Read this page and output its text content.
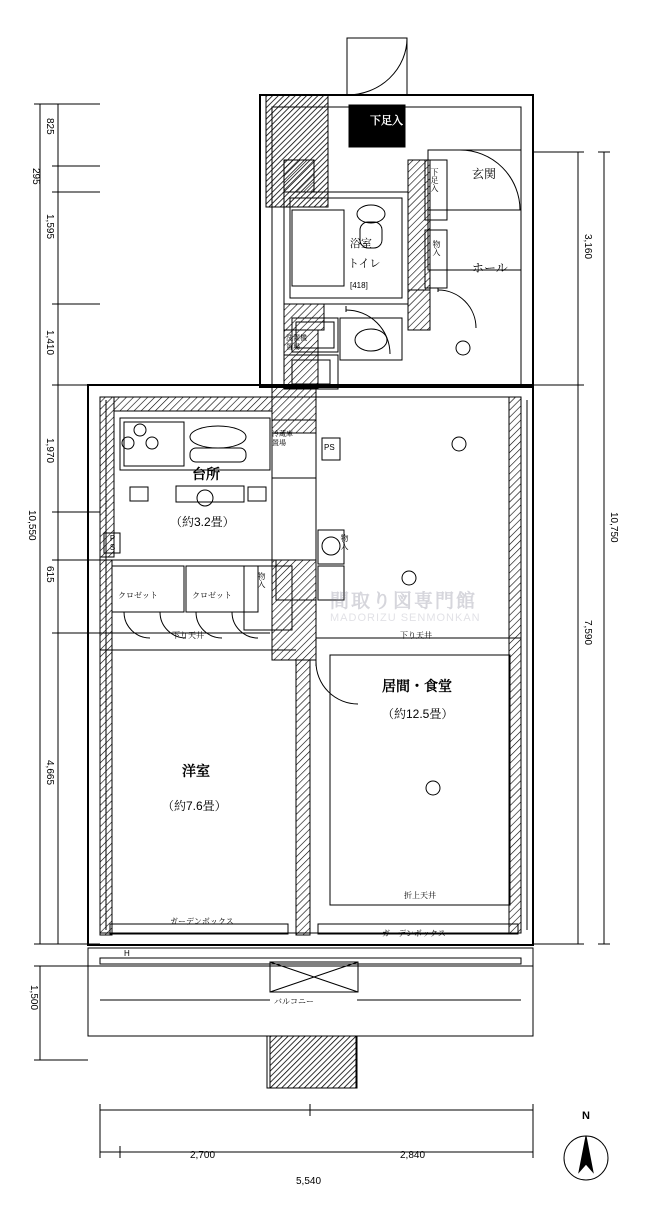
下足入
玄関
ホール
浴室
トイレ
[418]
洗濯機
置場
冷蔵庫
置場	PS
PS
台所
（約3.2畳）
クロゼット	クロゼット
物入
下足入
物入
物入
下り天井	下り天井
居間・食堂
（約12.5畳）
洋室
（約7.6畳）
折上天井
ガーデンボックス
ガーデンボックス
H
バルコニー
825
295
1,595
1,410
1,970
615
4,665
1,500
10,550
3,160
7,590
10,750
2,700	2,840
5,540
N
間取り図専門館
MADORIZU SENMONKAN
